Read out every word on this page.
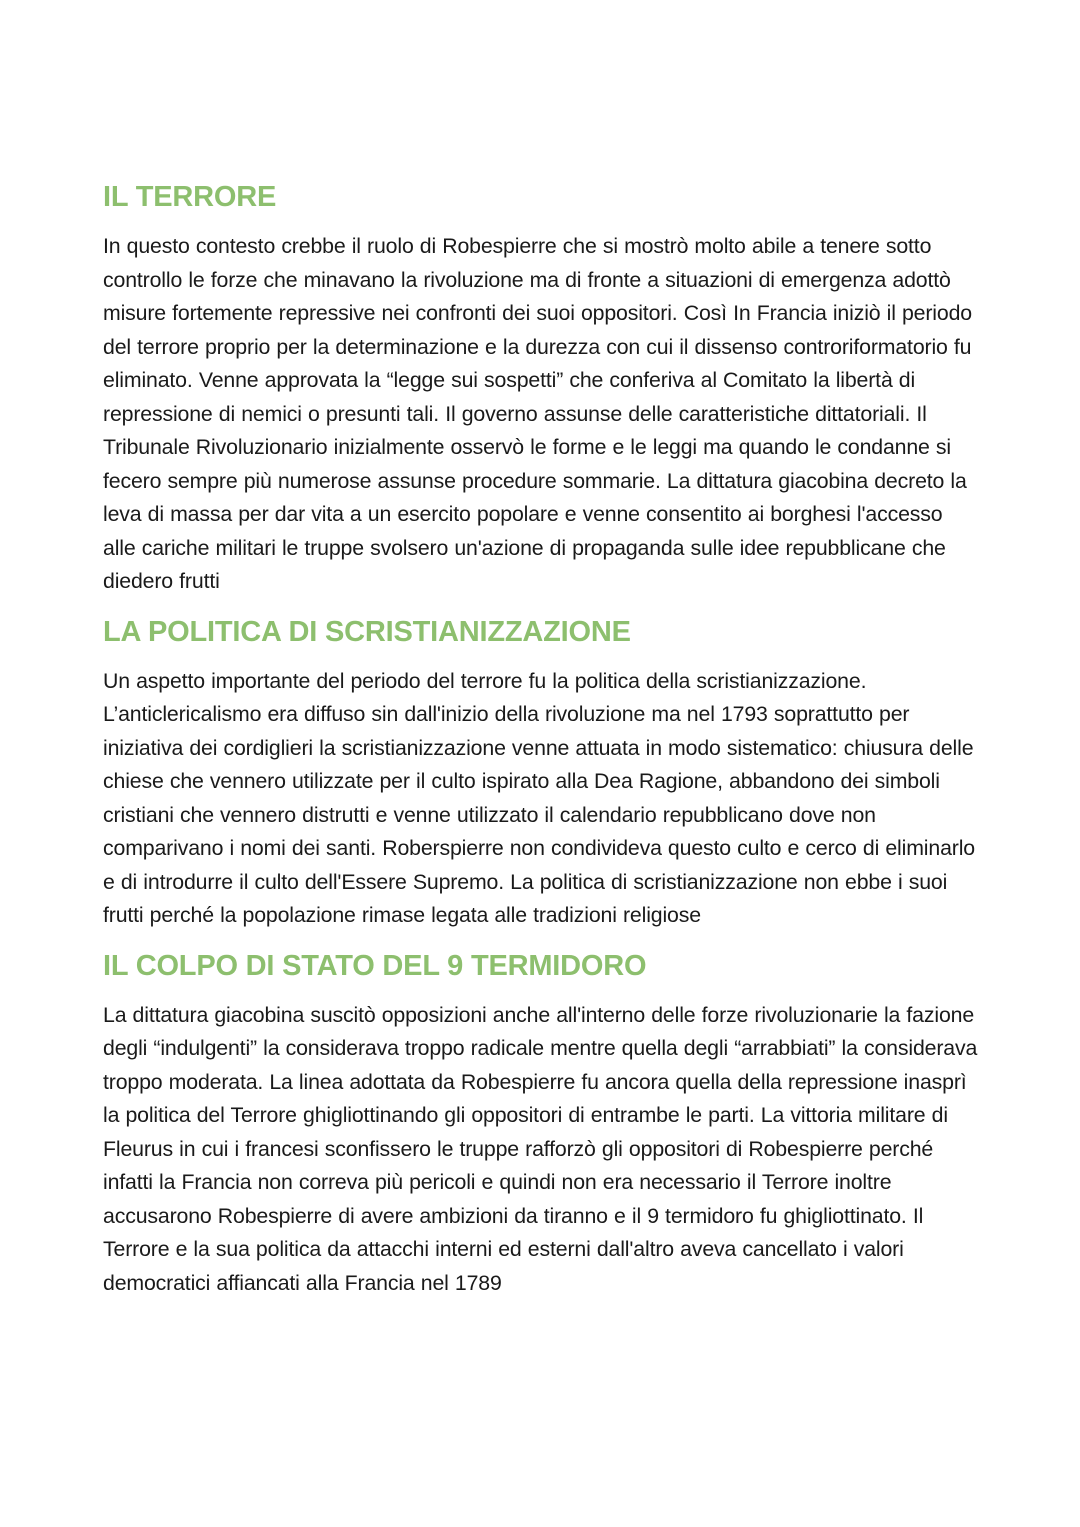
IL TERRORE

In questo contesto crebbe il ruolo di Robespierre che si mostrò molto abile a tenere sotto controllo le forze che minavano la rivoluzione ma di fronte a situazioni di emergenza adottò misure fortemente repressive nei confronti dei suoi oppositori. Così In Francia iniziò il periodo del terrore proprio per la determinazione e la durezza con cui il dissenso controriformatorio fu eliminato. Venne approvata la “legge sui sospetti” che conferiva al Comitato la libertà di repressione di nemici o presunti tali. Il governo assunse delle caratteristiche dittatoriali. Il Tribunale Rivoluzionario inizialmente osservò le forme e le leggi ma quando le condanne si fecero sempre più numerose assunse procedure sommarie. La dittatura giacobina decreto la leva di massa per dar vita a un esercito popolare e venne consentito ai borghesi l'accesso alle cariche militari le truppe svolsero un'azione di propaganda sulle idee repubblicane che diedero frutti

LA POLITICA DI SCRISTIANIZZAZIONE

Un aspetto importante del periodo del terrore fu la politica della scristianizzazione. L’anticlericalismo era diffuso sin dall'inizio della rivoluzione ma nel 1793 soprattutto per iniziativa dei cordiglieri la scristianizzazione venne attuata in modo sistematico: chiusura delle chiese che vennero utilizzate per il culto ispirato alla Dea Ragione, abbandono dei simboli cristiani che vennero distrutti e venne utilizzato il calendario repubblicano dove non comparivano i nomi dei santi. Roberspierre non condivideva questo culto e cerco di eliminarlo e di introdurre il culto dell'Essere Supremo. La politica di scristianizzazione non ebbe i suoi frutti perché la popolazione rimase legata alle tradizioni religiose

IL COLPO DI STATO DEL 9 TERMIDORO

La dittatura giacobina suscitò opposizioni anche all'interno delle forze rivoluzionarie la fazione degli “indulgenti” la considerava troppo radicale mentre quella degli “arrabbiati” la considerava troppo moderata. La linea adottata da Robespierre fu ancora quella della repressione inasprì la politica del Terrore ghigliottinando gli oppositori di entrambe le parti. La vittoria militare di Fleurus in cui i francesi sconfissero le truppe rafforzò gli oppositori di Robespierre perché infatti la Francia non correva più pericoli e quindi non era necessario il Terrore inoltre accusarono Robespierre di avere ambizioni da tiranno e il 9 termidoro fu ghigliottinato. Il Terrore e la sua politica da attacchi interni ed esterni dall'altro aveva cancellato i valori democratici affiancati alla Francia nel 1789
